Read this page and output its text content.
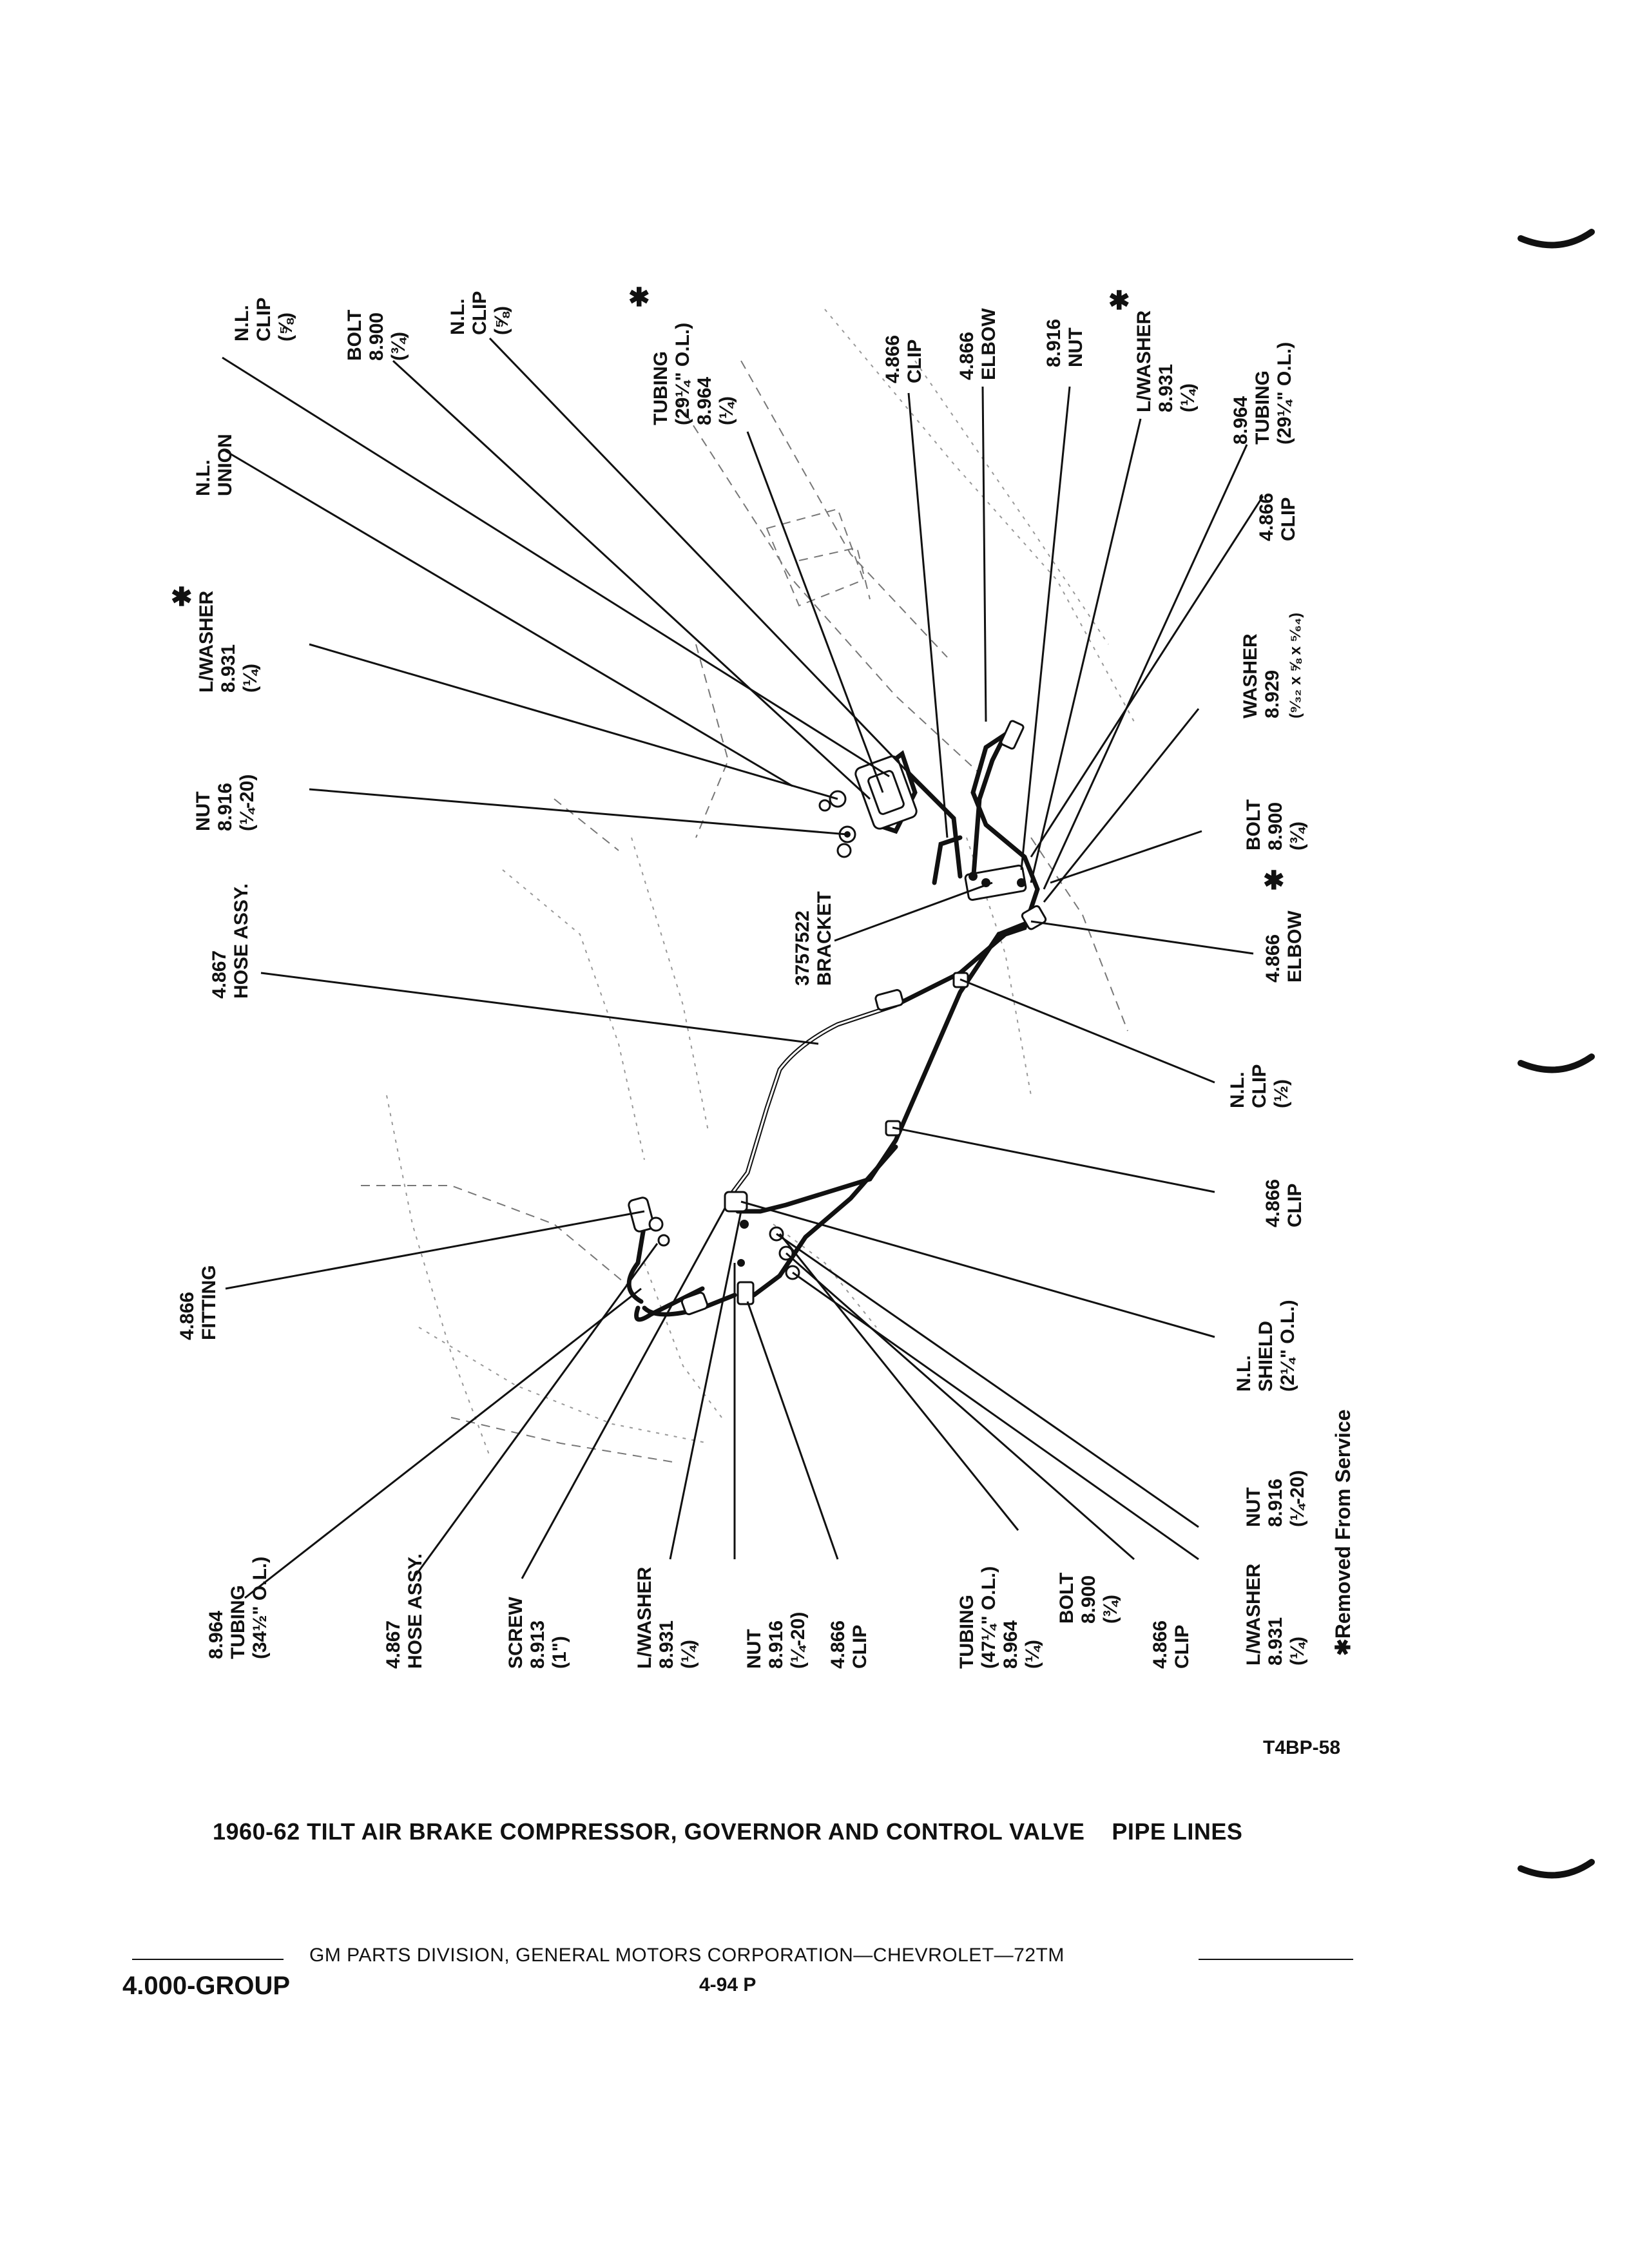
N.L. CLIP (⅝) BOLT 8.900 (¾)
N.L. CLIP (⅝)
✱
TUBING (29¼" O.L.) 8.964 (¼)
4.866 CLIP 4.866 ELBOW 8.916 NUT
✱
L/WASHER 8.931 (¼) 8.964 TUBING (29¼" O.L.)
N.L. UNION
✱ L/WASHER 8.931 (¼)
4.866 CLIP
NUT 8.916 (¼-20)
WASHER 8.929 (⁹⁄₃₂ x ⅝ x ⁵⁄₆₄)
✱
BOLT 8.900 (¾)
3757522 BRACKET	4.866 ELBOW
4.867 HOSE ASSY.
N.L. CLIP (½)
4.866 CLIP
4.866 FITTING
N.L. SHIELD (2¼" O.L.)
NUT 8.916 (¼-20) ✱Removed From Service
8.964 TUBING (34½" O.L.)	4.867 HOSE ASSY.	SCREW 8.913 (1")	L/WASHER 8.931 (¼) NUT 8.916 (¼-20) 4.866 CLIP	TUBING (47¼" O.L.) 8.964 (¼)
BOLT 8.900 (¾)
4.866 CLIP	L/WASHER 8.931 (¼)
T4BP-58
1960-62 TILT AIR BRAKE COMPRESSOR, GOVERNOR AND CONTROL VALVE    PIPE LINES
GM PARTS DIVISION, GENERAL MOTORS CORPORATION—CHEVROLET—72TM
4.000-GROUP	4-94 P
